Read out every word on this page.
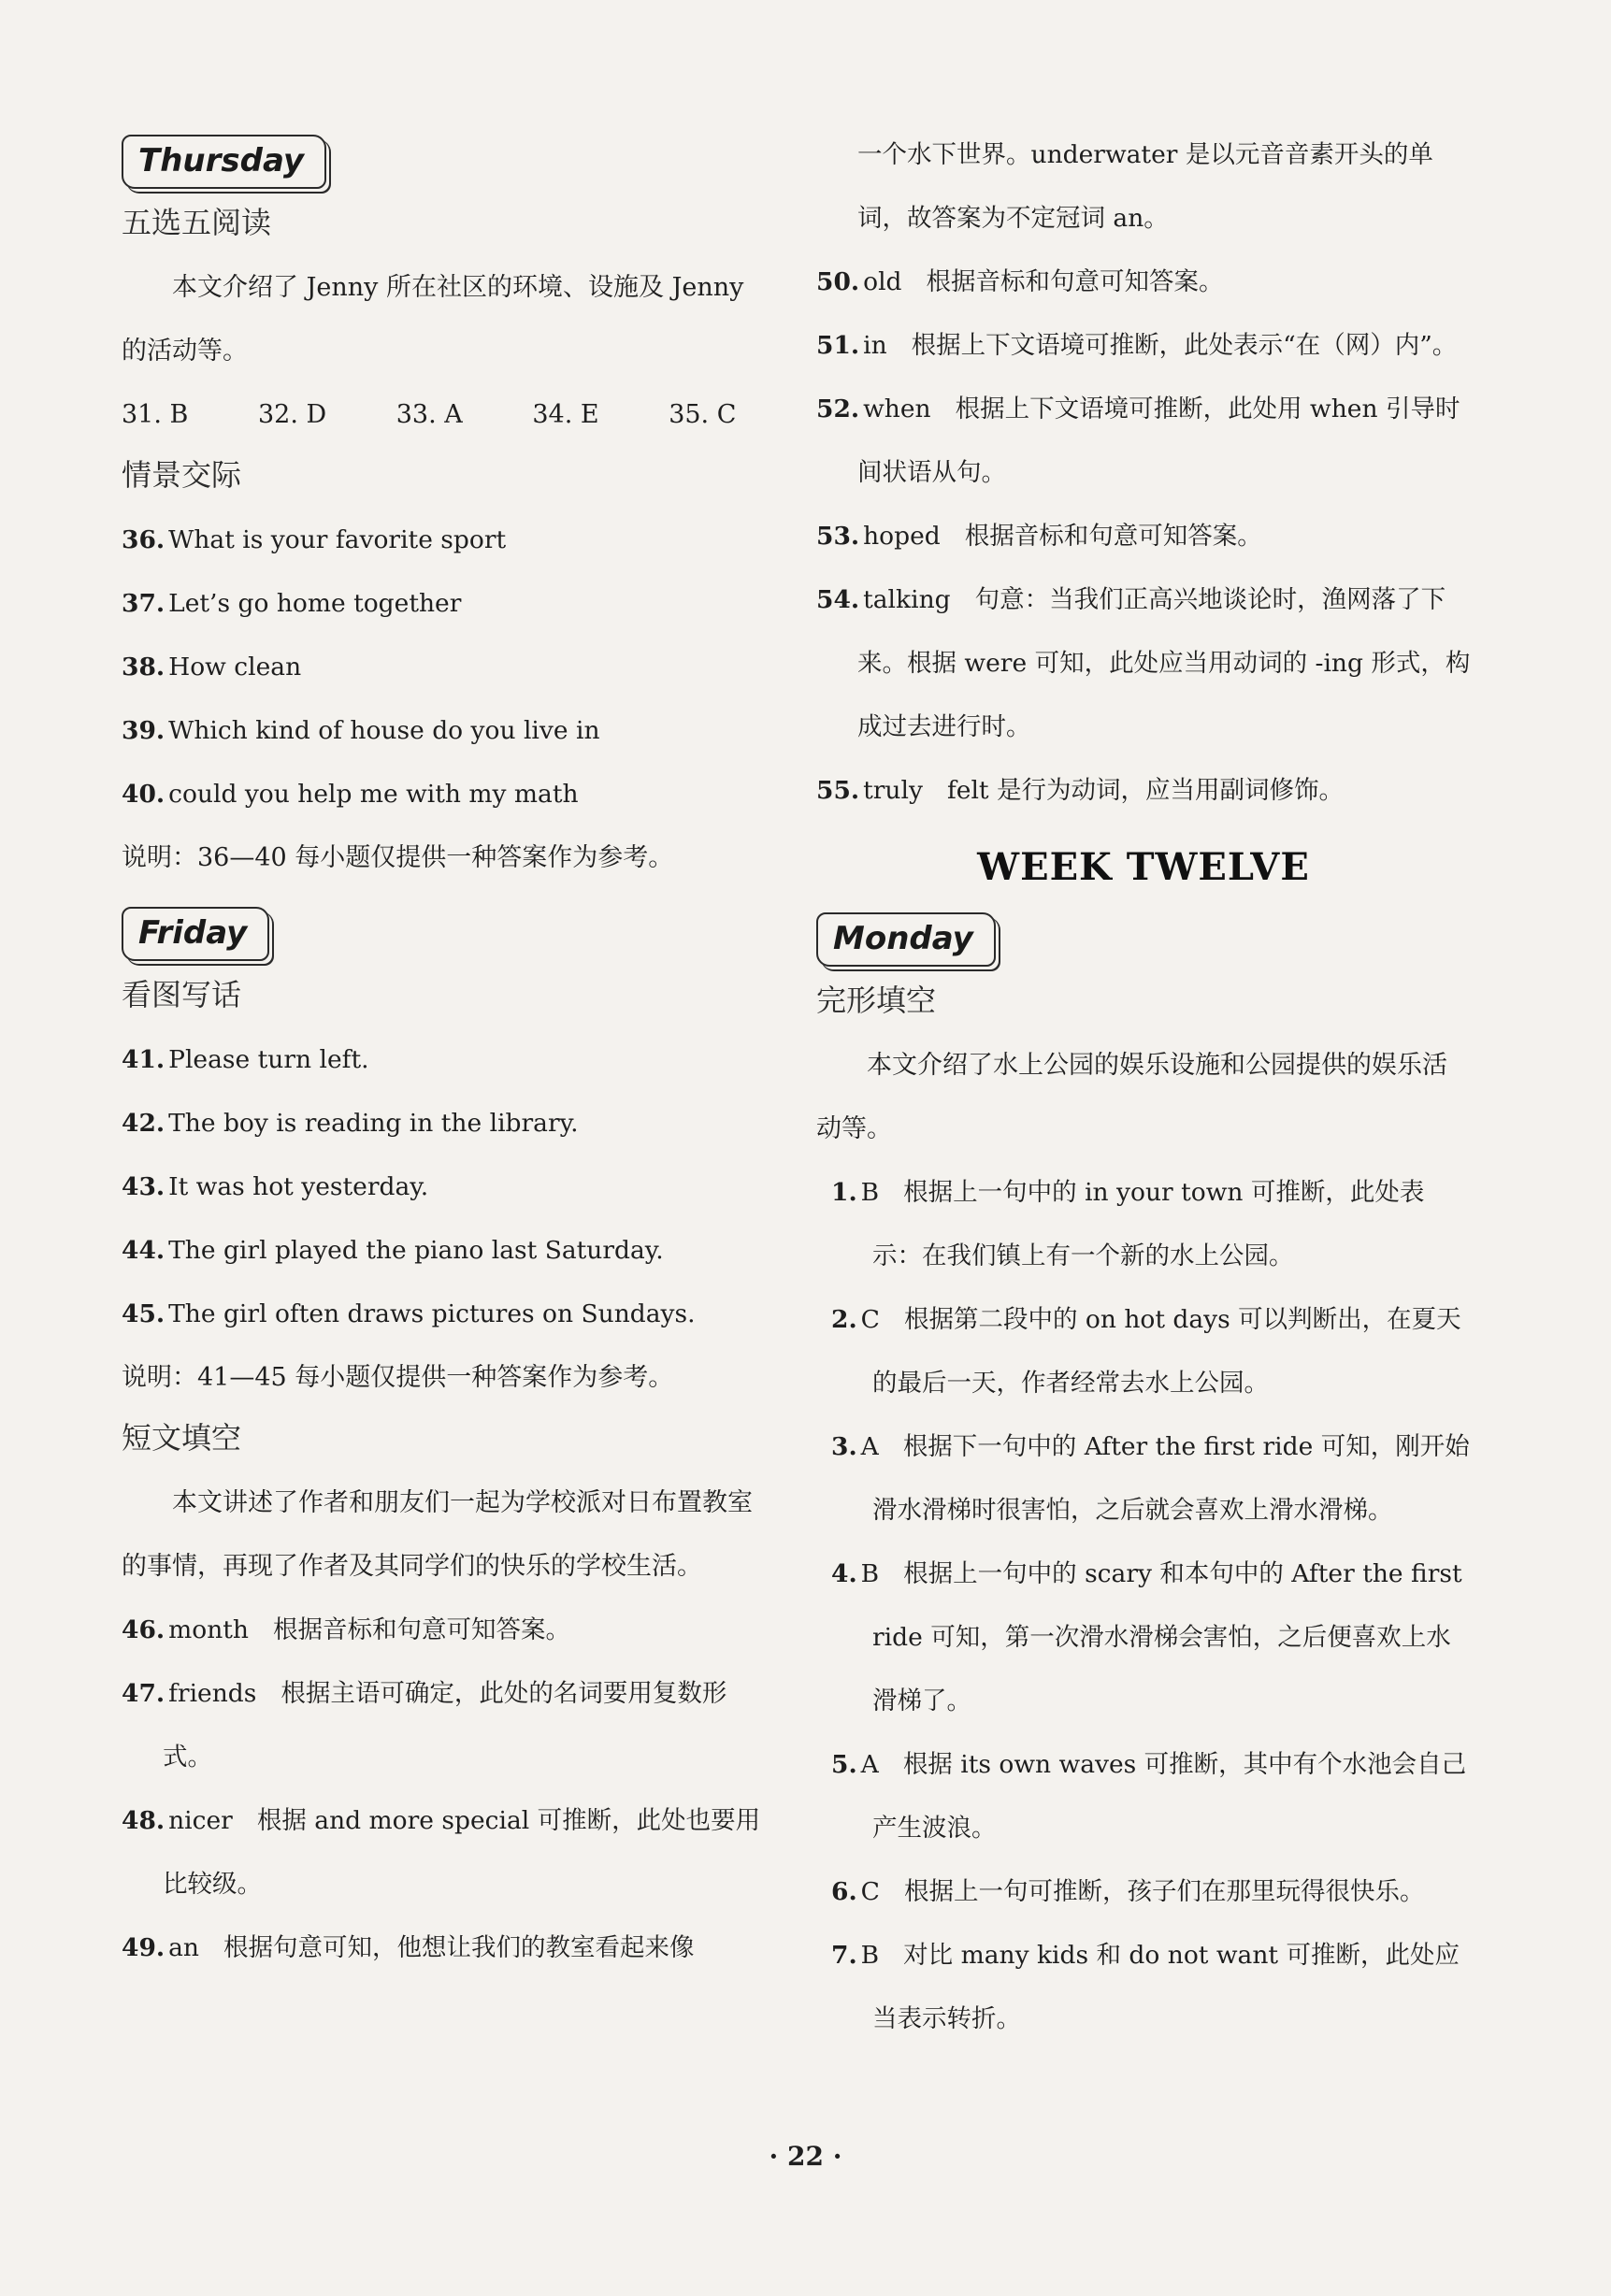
Thursday

五选五阅读

本文介绍了 Jenny 所在社区的环境、设施及 Jenny 的活动等。

31. B	32. D	33. A	34. E	35. C

情景交际

36. What is your favorite sport

37. Let’s go home together

38. How clean

39. Which kind of house do you live in

40. could you help me with my math

说明：36—40 每小题仅提供一种答案作为参考。

Friday

看图写话

41. Please turn left.

42. The boy is reading in the library.

43. It was hot yesterday.

44. The girl played the piano last Saturday.

45. The girl often draws pictures on Sundays.

说明：41—45 每小题仅提供一种答案作为参考。

短文填空

本文讲述了作者和朋友们一起为学校派对日布置教室的事情，再现了作者及其同学们的快乐的学校生活。

46. month 根据音标和句意可知答案。

47. friends 根据主语可确定，此处的名词要用复数形式。

48. nicer 根据 and more special 可推断，此处也要用比较级。

49. an 根据句意可知，他想让我们的教室看起来像

一个水下世界。underwater 是以元音音素开头的单词，故答案为不定冠词 an。

50. old 根据音标和句意可知答案。

51. in 根据上下文语境可推断，此处表示“在（网）内”。

52. when 根据上下文语境可推断，此处用 when 引导时间状语从句。

53. hoped 根据音标和句意可知答案。

54. talking 句意：当我们正高兴地谈论时，渔网落了下来。根据 were 可知，此处应当用动词的 -ing 形式，构成过去进行时。

55. truly felt 是行为动词，应当用副词修饰。

WEEK TWELVE
Monday

完形填空

本文介绍了水上公园的娱乐设施和公园提供的娱乐活动等。

1. B 根据上一句中的 in your town 可推断，此处表示：在我们镇上有一个新的水上公园。

2. C 根据第二段中的 on hot days 可以判断出，在夏天的最后一天，作者经常去水上公园。

3. A 根据下一句中的 After the first ride 可知，刚开始滑水滑梯时很害怕，之后就会喜欢上滑水滑梯。

4. B 根据上一句中的 scary 和本句中的 After the first ride 可知，第一次滑水滑梯会害怕，之后便喜欢上水滑梯了。

5. A 根据 its own waves 可推断，其中有个水池会自己产生波浪。

6. C 根据上一句可推断，孩子们在那里玩得很快乐。

7. B 对比 many kids 和 do not want 可推断，此处应当表示转折。

· 22 ·
